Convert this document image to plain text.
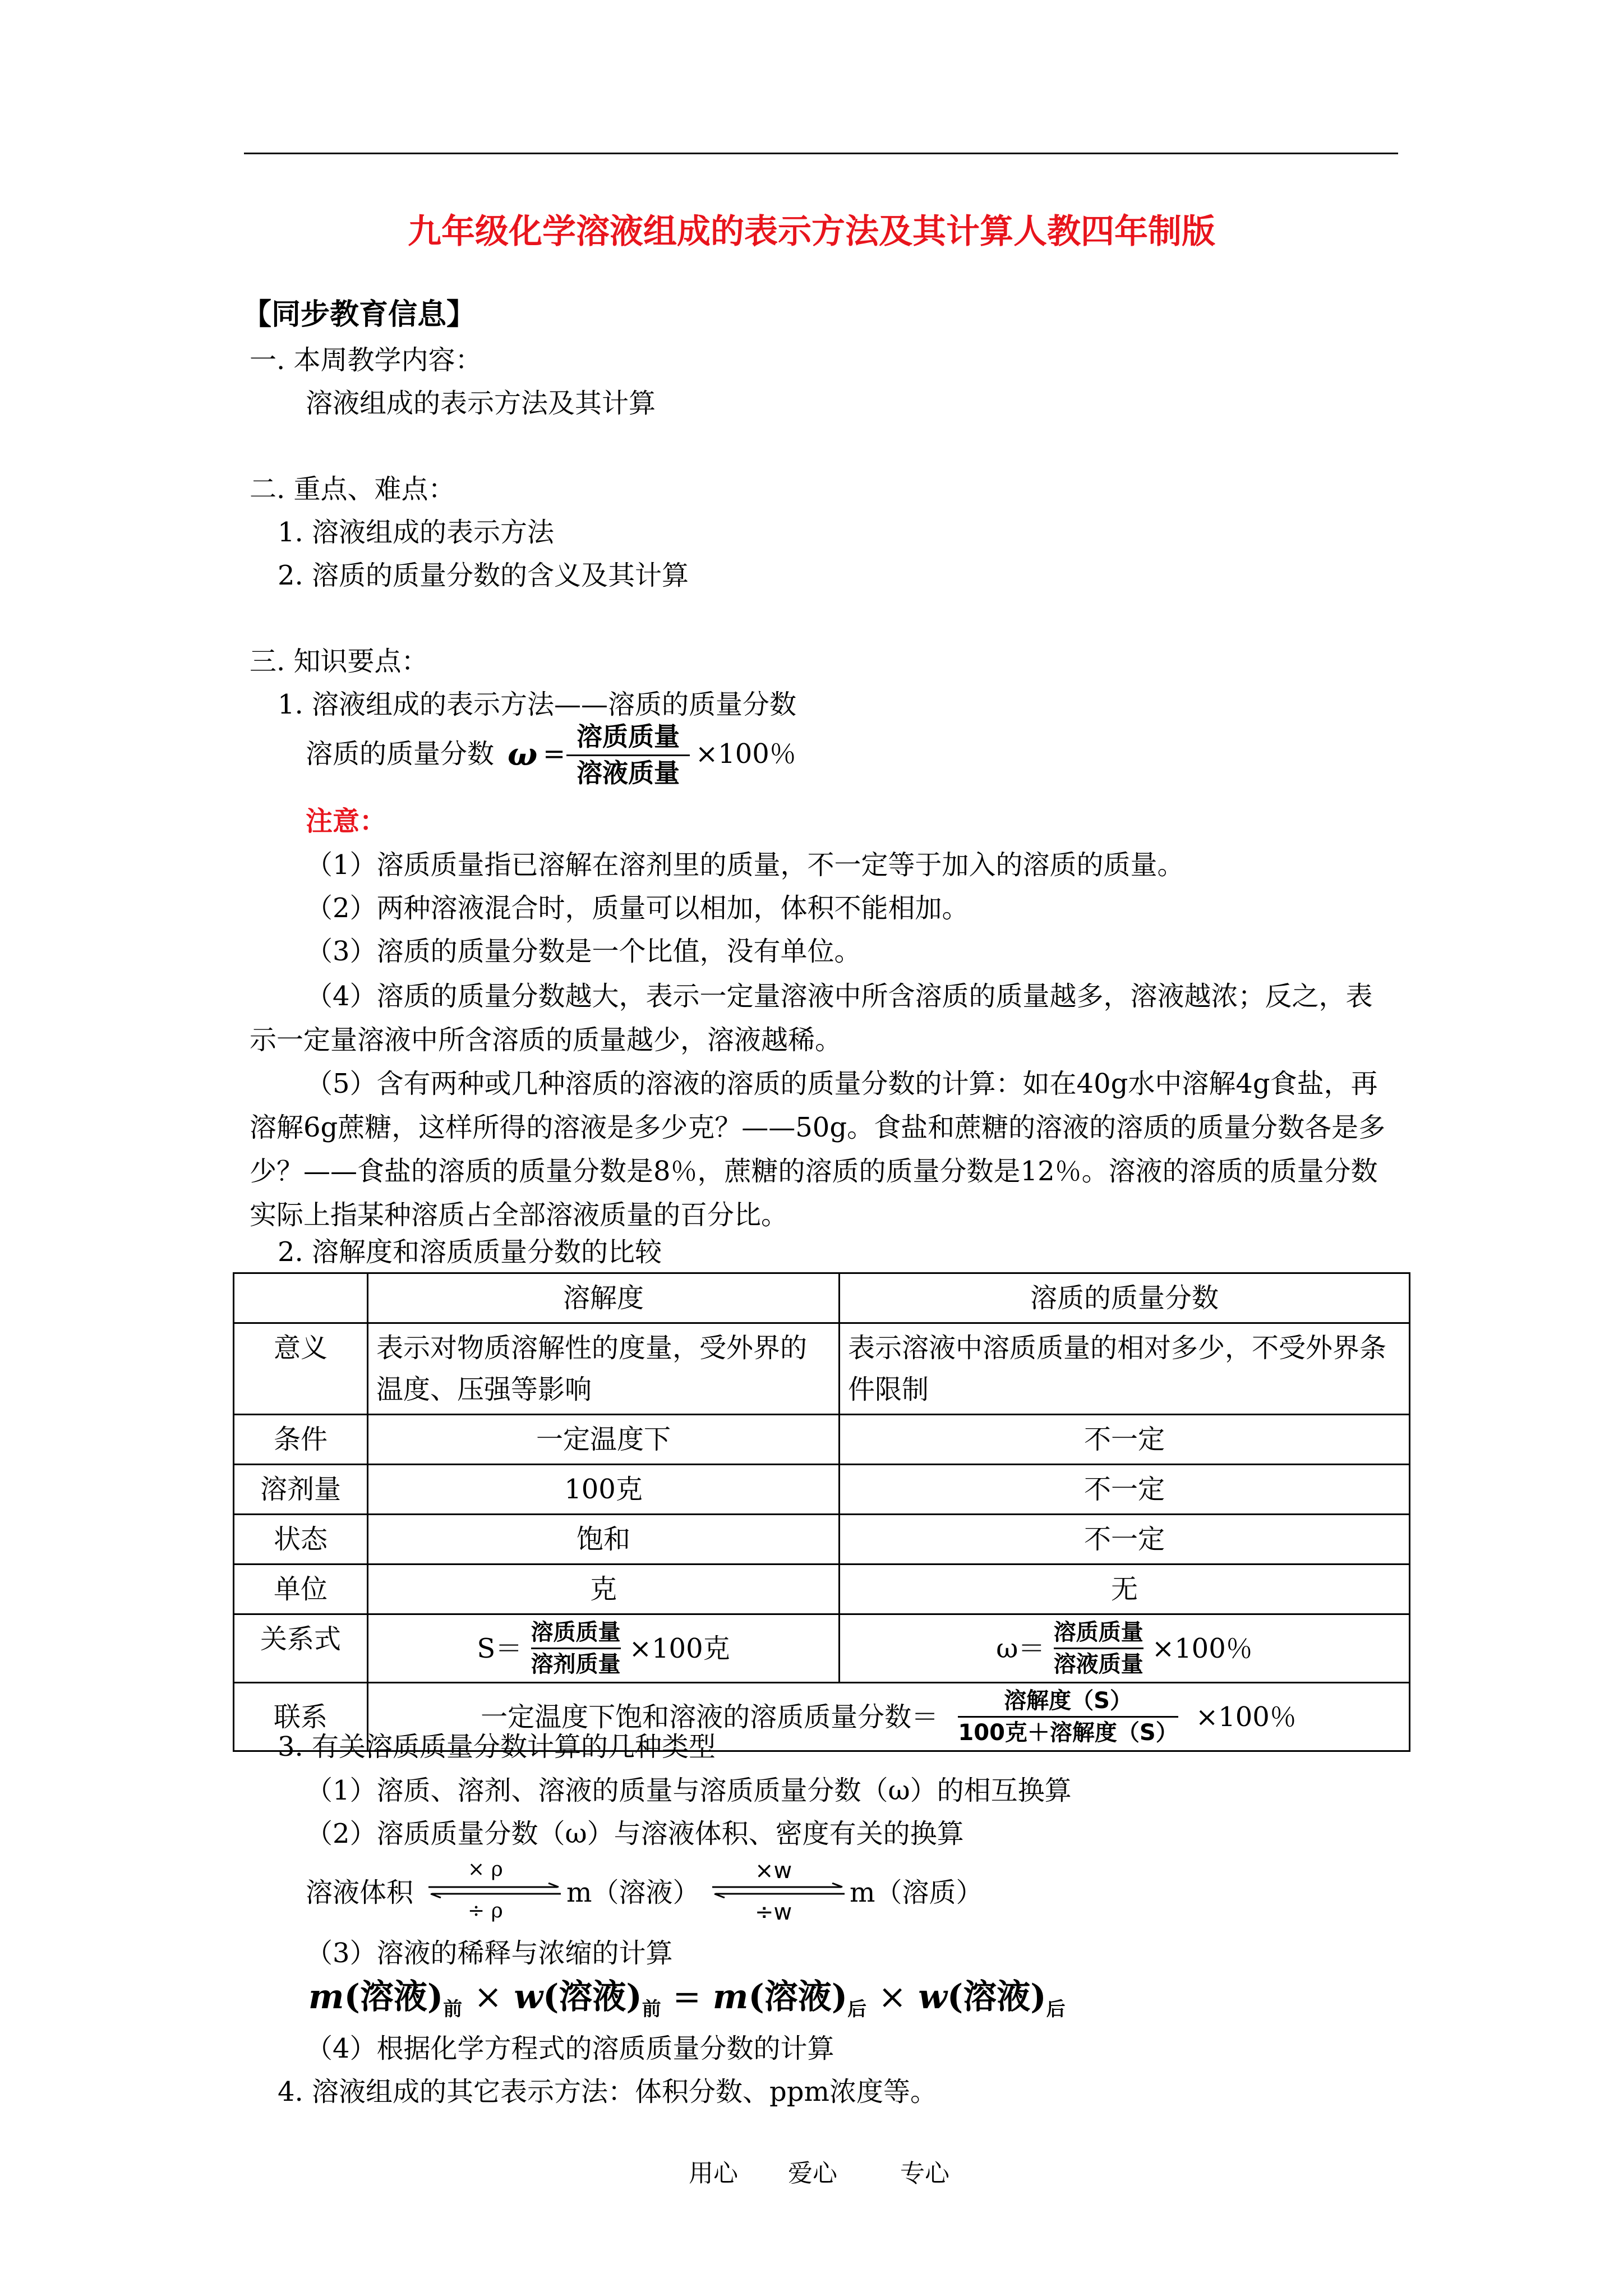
九年级化学溶液组成的表示方法及其计算人教四年制版
【同步教育信息】
一. 本周教学内容：
溶液组成的表示方法及其计算
二. 重点、难点：
1. 溶液组成的表示方法
2. 溶质的质量分数的含义及其计算
三. 知识要点：
1. 溶液组成的表示方法——溶质的质量分数
溶质的质量分数 ω =
溶质质量
溶液质量
×100％
注意：
（1）溶质质量指已溶解在溶剂里的质量，不一定等于加入的溶质的质量。
（2）两种溶液混合时，质量可以相加，体积不能相加。
（3）溶质的质量分数是一个比值，没有单位。
（4）溶质的质量分数越大，表示一定量溶液中所含溶质的质量越多，溶液越浓；反之，表示一定量溶液中所含溶质的质量越少，溶液越稀。
（5）含有两种或几种溶质的溶液的溶质的质量分数的计算：如在40g水中溶解4g食盐，再溶解6g蔗糖，这样所得的溶液是多少克？——50g。食盐和蔗糖的溶液的溶质的质量分数各是多少？——食盐的溶质的质量分数是8％，蔗糖的溶质的质量分数是12％。溶液的溶质的质量分数实际上指某种溶质占全部溶液质量的百分比。
2. 溶解度和溶质质量分数的比较
	溶解度	溶质的质量分数
意义	表示对物质溶解性的度量，受外界的温度、压强等影响	表示溶液中溶质质量的相对多少，不受外界条件限制
条件	一定温度下	不一定
溶剂量	100克	不一定
状态	饱和	不一定
单位	克	无
关系式	S＝
溶质质量
溶剂质量
×100克	ω＝
溶质质量
溶液质量
×100％
联系	一定温度下饱和溶液的溶质质量分数＝
溶解度（S）
100克＋溶解度（S）
×100％	
3. 有关溶质质量分数计算的几种类型
（1）溶质、溶剂、溶液的质量与溶质质量分数（ω）的相互换算
（2）溶质质量分数（ω）与溶液体积、密度有关的换算
溶液体积
× ρ
÷ ρ
m（溶液）
×w
÷w
m（溶质）
（3）溶液的稀释与浓缩的计算
m(溶液)$_前 \times w$(溶液)$_前 = m$(溶液)$_后 \times w$(溶液)$_后$
（4）根据化学方程式的溶质质量分数的计算
4. 溶液组成的其它表示方法：体积分数、ppm浓度等。
用心 爱心	专心
